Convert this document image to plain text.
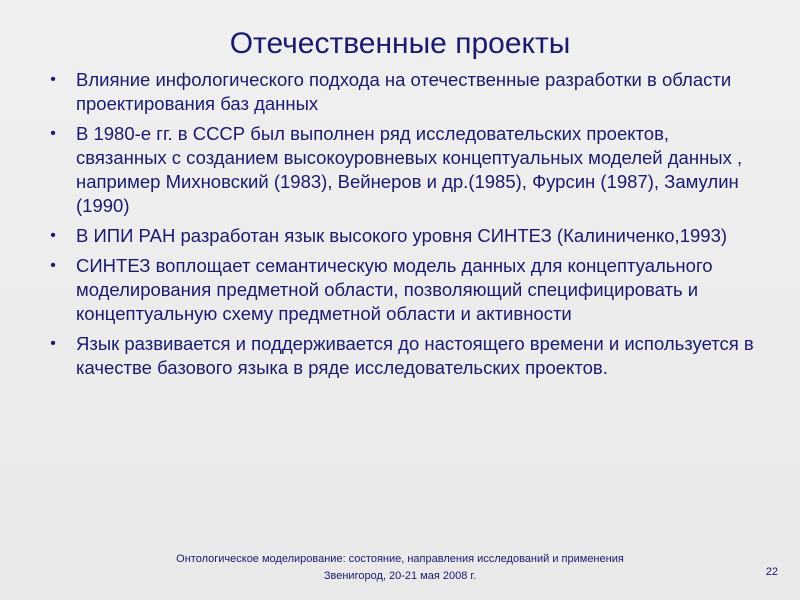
Отечественные проекты
• Влияние инфологического подхода на отечественные разработки в области проектирования баз данных
• В 1980-е гг. в СССР был выполнен ряд исследовательских проектов, связанных с созданием высокоуровневых концептуальных моделей данных , например Михновский (1983), Вейнеров и др.(1985), Фурсин (1987), Замулин (1990)
• В ИПИ РАН разработан язык высокого уровня СИНТЕЗ (Калиниченко,1993)
• СИНТЕЗ воплощает семантическую модель данных для концептуального моделирования предметной области, позволяющий специфицировать и концептуальную схему предметной области и активности
• Язык развивается и поддерживается до настоящего времени и используется в качестве базового языка в ряде исследовательских проектов.
Онтологическое моделирование: состояние, направления исследований и применения
Звенигород, 20-21 мая 2008 г.	22
